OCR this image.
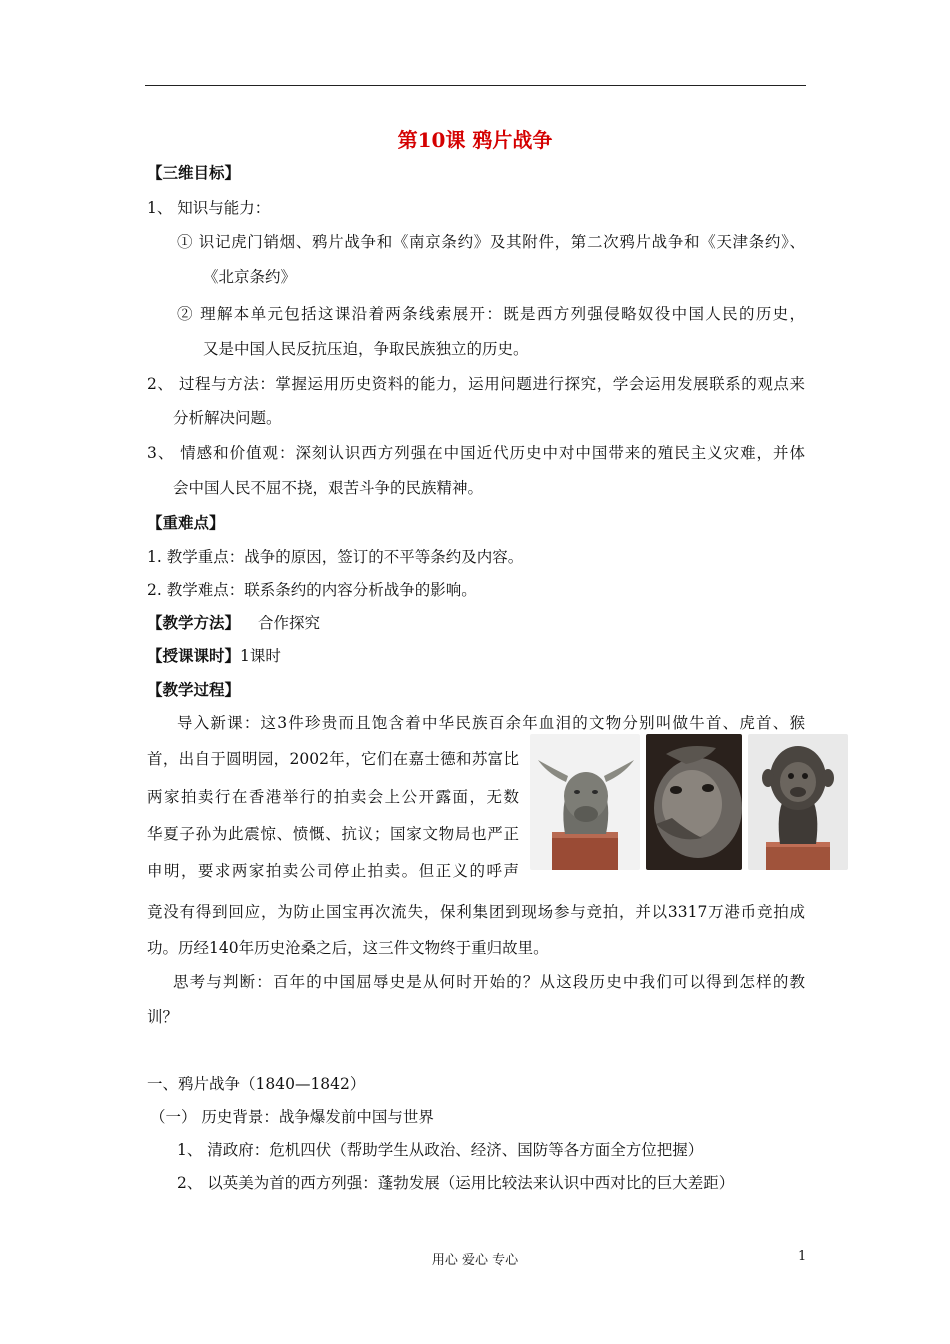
第10课 鸦片战争
【三维目标】
1、 知识与能力：
① 识记虎门销烟、鸦片战争和《南京条约》及其附件，第二次鸦片战争和《天津条约》、
《北京条约》
② 理解本单元包括这课沿着两条线索展开：既是西方列强侵略奴役中国人民的历史，
又是中国人民反抗压迫，争取民族独立的历史。
2、 过程与方法：掌握运用历史资料的能力，运用问题进行探究，学会运用发展联系的观点来
分析解决问题。
3、 情感和价值观：深刻认识西方列强在中国近代历史中对中国带来的殖民主义灾难，并体
会中国人民不屈不挠，艰苦斗争的民族精神。
【重难点】
1. 教学重点：战争的原因，签订的不平等条约及内容。
2. 教学难点：联系条约的内容分析战争的影响。
【教学方法】 合作探究
【授课课时】1课时
【教学过程】
导入新课：这3件珍贵而且饱含着中华民族百余年血泪的文物分别叫做牛首、虎首、猴
首，出自于圆明园，2002年，它们在嘉士德和苏富比
两家拍卖行在香港举行的拍卖会上公开露面，无数
华夏子孙为此震惊、愤慨、抗议；国家文物局也严正
申明，要求两家拍卖公司停止拍卖。但正义的呼声
竟没有得到回应，为防止国宝再次流失，保利集团到现场参与竞拍，并以3317万港币竞拍成
功。历经140年历史沧桑之后，这三件文物终于重归故里。
思考与判断：百年的中国屈辱史是从何时开始的？从这段历史中我们可以得到怎样的教
训？
一、鸦片战争（1840—1842）
（一） 历史背景：战争爆发前中国与世界
1、 清政府：危机四伏（帮助学生从政治、经济、国防等各方面全方位把握）
2、 以英美为首的西方列强：蓬勃发展（运用比较法来认识中西对比的巨大差距）
用心 爱心 专心	1
